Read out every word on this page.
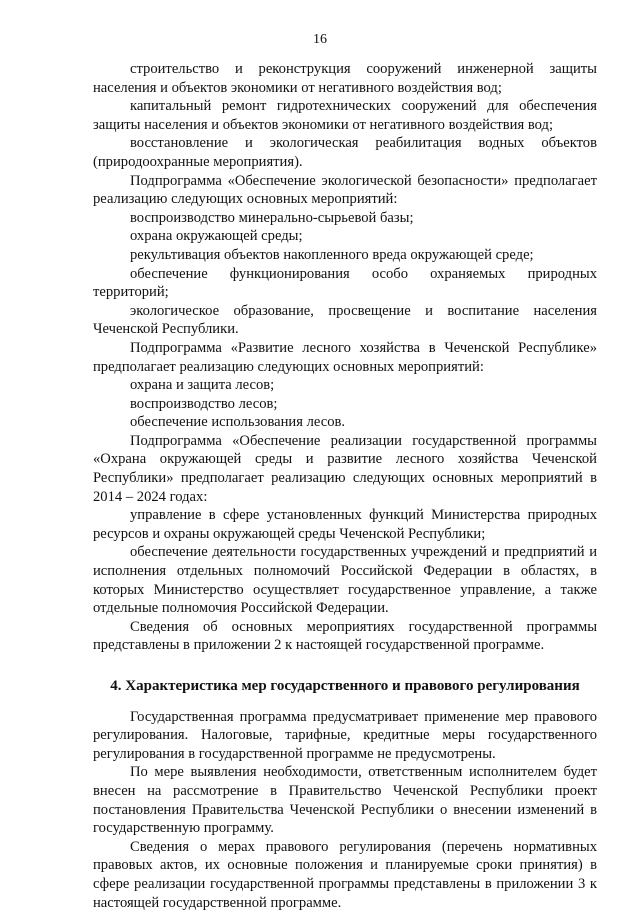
16

строительство и реконструкция сооружений инженерной защиты населения и объектов экономики от негативного воздействия вод;

капитальный ремонт гидротехнических сооружений для обеспечения защиты населения и объектов экономики от негативного воздействия вод;

восстановление и экологическая реабилитация водных объектов (природоохранные мероприятия).

Подпрограмма «Обеспечение экологической безопасности» предполагает реализацию следующих основных мероприятий:

воспроизводство минерально-сырьевой базы;

охрана окружающей среды;

рекультивация объектов накопленного вреда окружающей среде;

обеспечение функционирования особо охраняемых природных территорий;

экологическое образование, просвещение и воспитание населения Чеченской Республики.

Подпрограмма «Развитие лесного хозяйства в Чеченской Республике» предполагает реализацию следующих основных мероприятий:

охрана и защита лесов;

воспроизводство лесов;

обеспечение использования лесов.

Подпрограмма «Обеспечение реализации государственной программы «Охрана окружающей среды и развитие лесного хозяйства Чеченской Республики» предполагает реализацию следующих основных мероприятий в 2014 – 2024 годах:

управление в сфере установленных функций Министерства природных ресурсов и охраны окружающей среды Чеченской Республики;

обеспечение деятельности государственных учреждений и предприятий и исполнения отдельных полномочий Российской Федерации в областях, в которых Министерство осуществляет государственное управление, а также отдельные полномочия Российской Федерации.

Сведения об основных мероприятиях государственной программы представлены в приложении 2 к настоящей государственной программе.

4. Характеристика мер государственного и правового регулирования

Государственная программа предусматривает применение мер правового регулирования. Налоговые, тарифные, кредитные меры государственного регулирования в государственной программе не предусмотрены.

По мере выявления необходимости, ответственным исполнителем будет внесен на рассмотрение в Правительство Чеченской Республики проект постановления Правительства Чеченской Республики о внесении изменений в государственную программу.

Сведения о мерах правового регулирования (перечень нормативных правовых актов, их основные положения и планируемые сроки принятия) в сфере реализации государственной программы представлены в приложении 3 к настоящей государственной программе.
